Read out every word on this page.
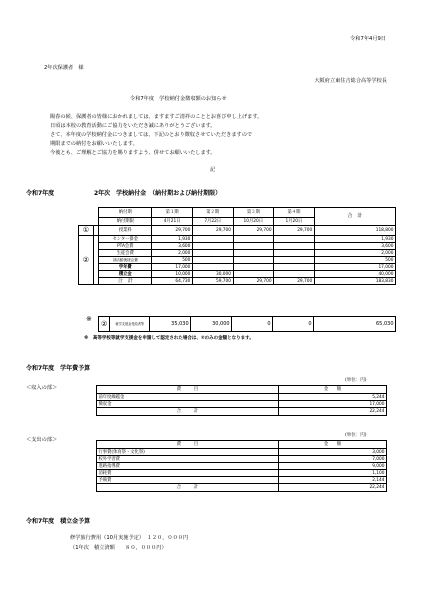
令和7年4月9日
2年次保護者　様
大阪府立東住吉総合高等学校長
令和7年度　学校納付金徴収額のお知らせ
陽春の候、保護者の皆様におかれましては、ますますご清祥のこととお喜び申し上げます。
日頃は本校の教育活動にご協力をいただき誠にありがとうございます。
さて、本年度の学校納付金につきましては、下記のとおり徴収させていただきますので
期限までの納付をお願いいたします。
今後とも、ご理解とご協力を賜りますよう、併せてお願いいたします。
記
令和7年度	2年次　学校納付金　（納付期および納付期限）
		納付期	第１期	第２期	第３期	第４期	合　計
		納付期限	4月21日	7月22日	10月20日	1月20日	
①		授業料	29,700	29,700	29,700	29,700	118,800
②		センター掛金	1,930				1,930
		PTA会費	3,600				3,600
		生徒会費	2,000				2,000
		部活動後援会費	500				500
		学年費	17,000				17,000
		積立金	10,000	30,000			40,000
		合　計	64,730	59,700	29,700	29,700	183,830
※
②	就学支援金受給者等	35,030	30,000	0	0	65,030
※　高等学校等就学支援金を申請して認定された場合は、②のみの金額となります。
令和7年度　学年費予算
(単位：円)
＜収入の部＞	費　　　目	金　　額
前年度繰越金	5,244
徴収金	17,000
合　　　計	22,244
(単位：円)
＜支出の部＞
費　　　目	金　　額
行事費(体育祭・文化祭)	3,000
校外学習費	7,000
進路指導費	9,000
消耗費	1,100
予備費	2,144
合　　　計	22,244
令和7年度　積立金予算
修学旅行費用（10月実施予定）　１２０，０００円
（1年次　積立済額　　８０，０００円）
